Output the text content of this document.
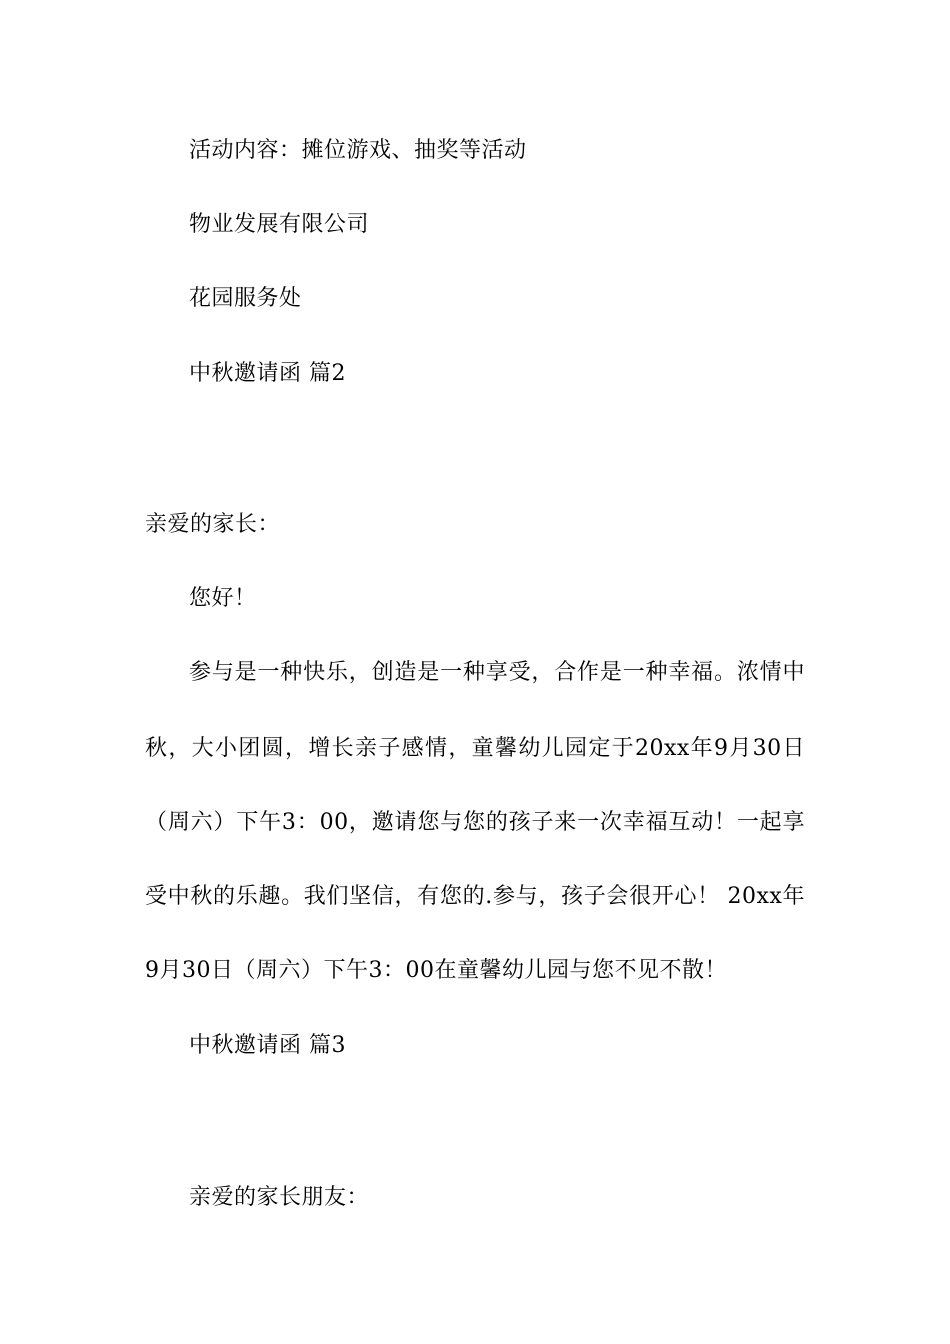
活动内容：摊位游戏、抽奖等活动
物业发展有限公司
花园服务处
中秋邀请函 篇2
亲爱的家长：
您好！
参与是一种快乐，创造是一种享受，合作是一种幸福。浓情中
秋，大小团圆，增长亲子感情，童馨幼儿园定于20xx年9月30日
（周六）下午3：00，邀请您与您的孩子来一次幸福互动！一起享
受中秋的乐趣。我们坚信，有您的.参与，孩子会很开心！ 20xx年
9月30日（周六）下午3：00在童馨幼儿园与您不见不散！
中秋邀请函 篇3
亲爱的家长朋友：
